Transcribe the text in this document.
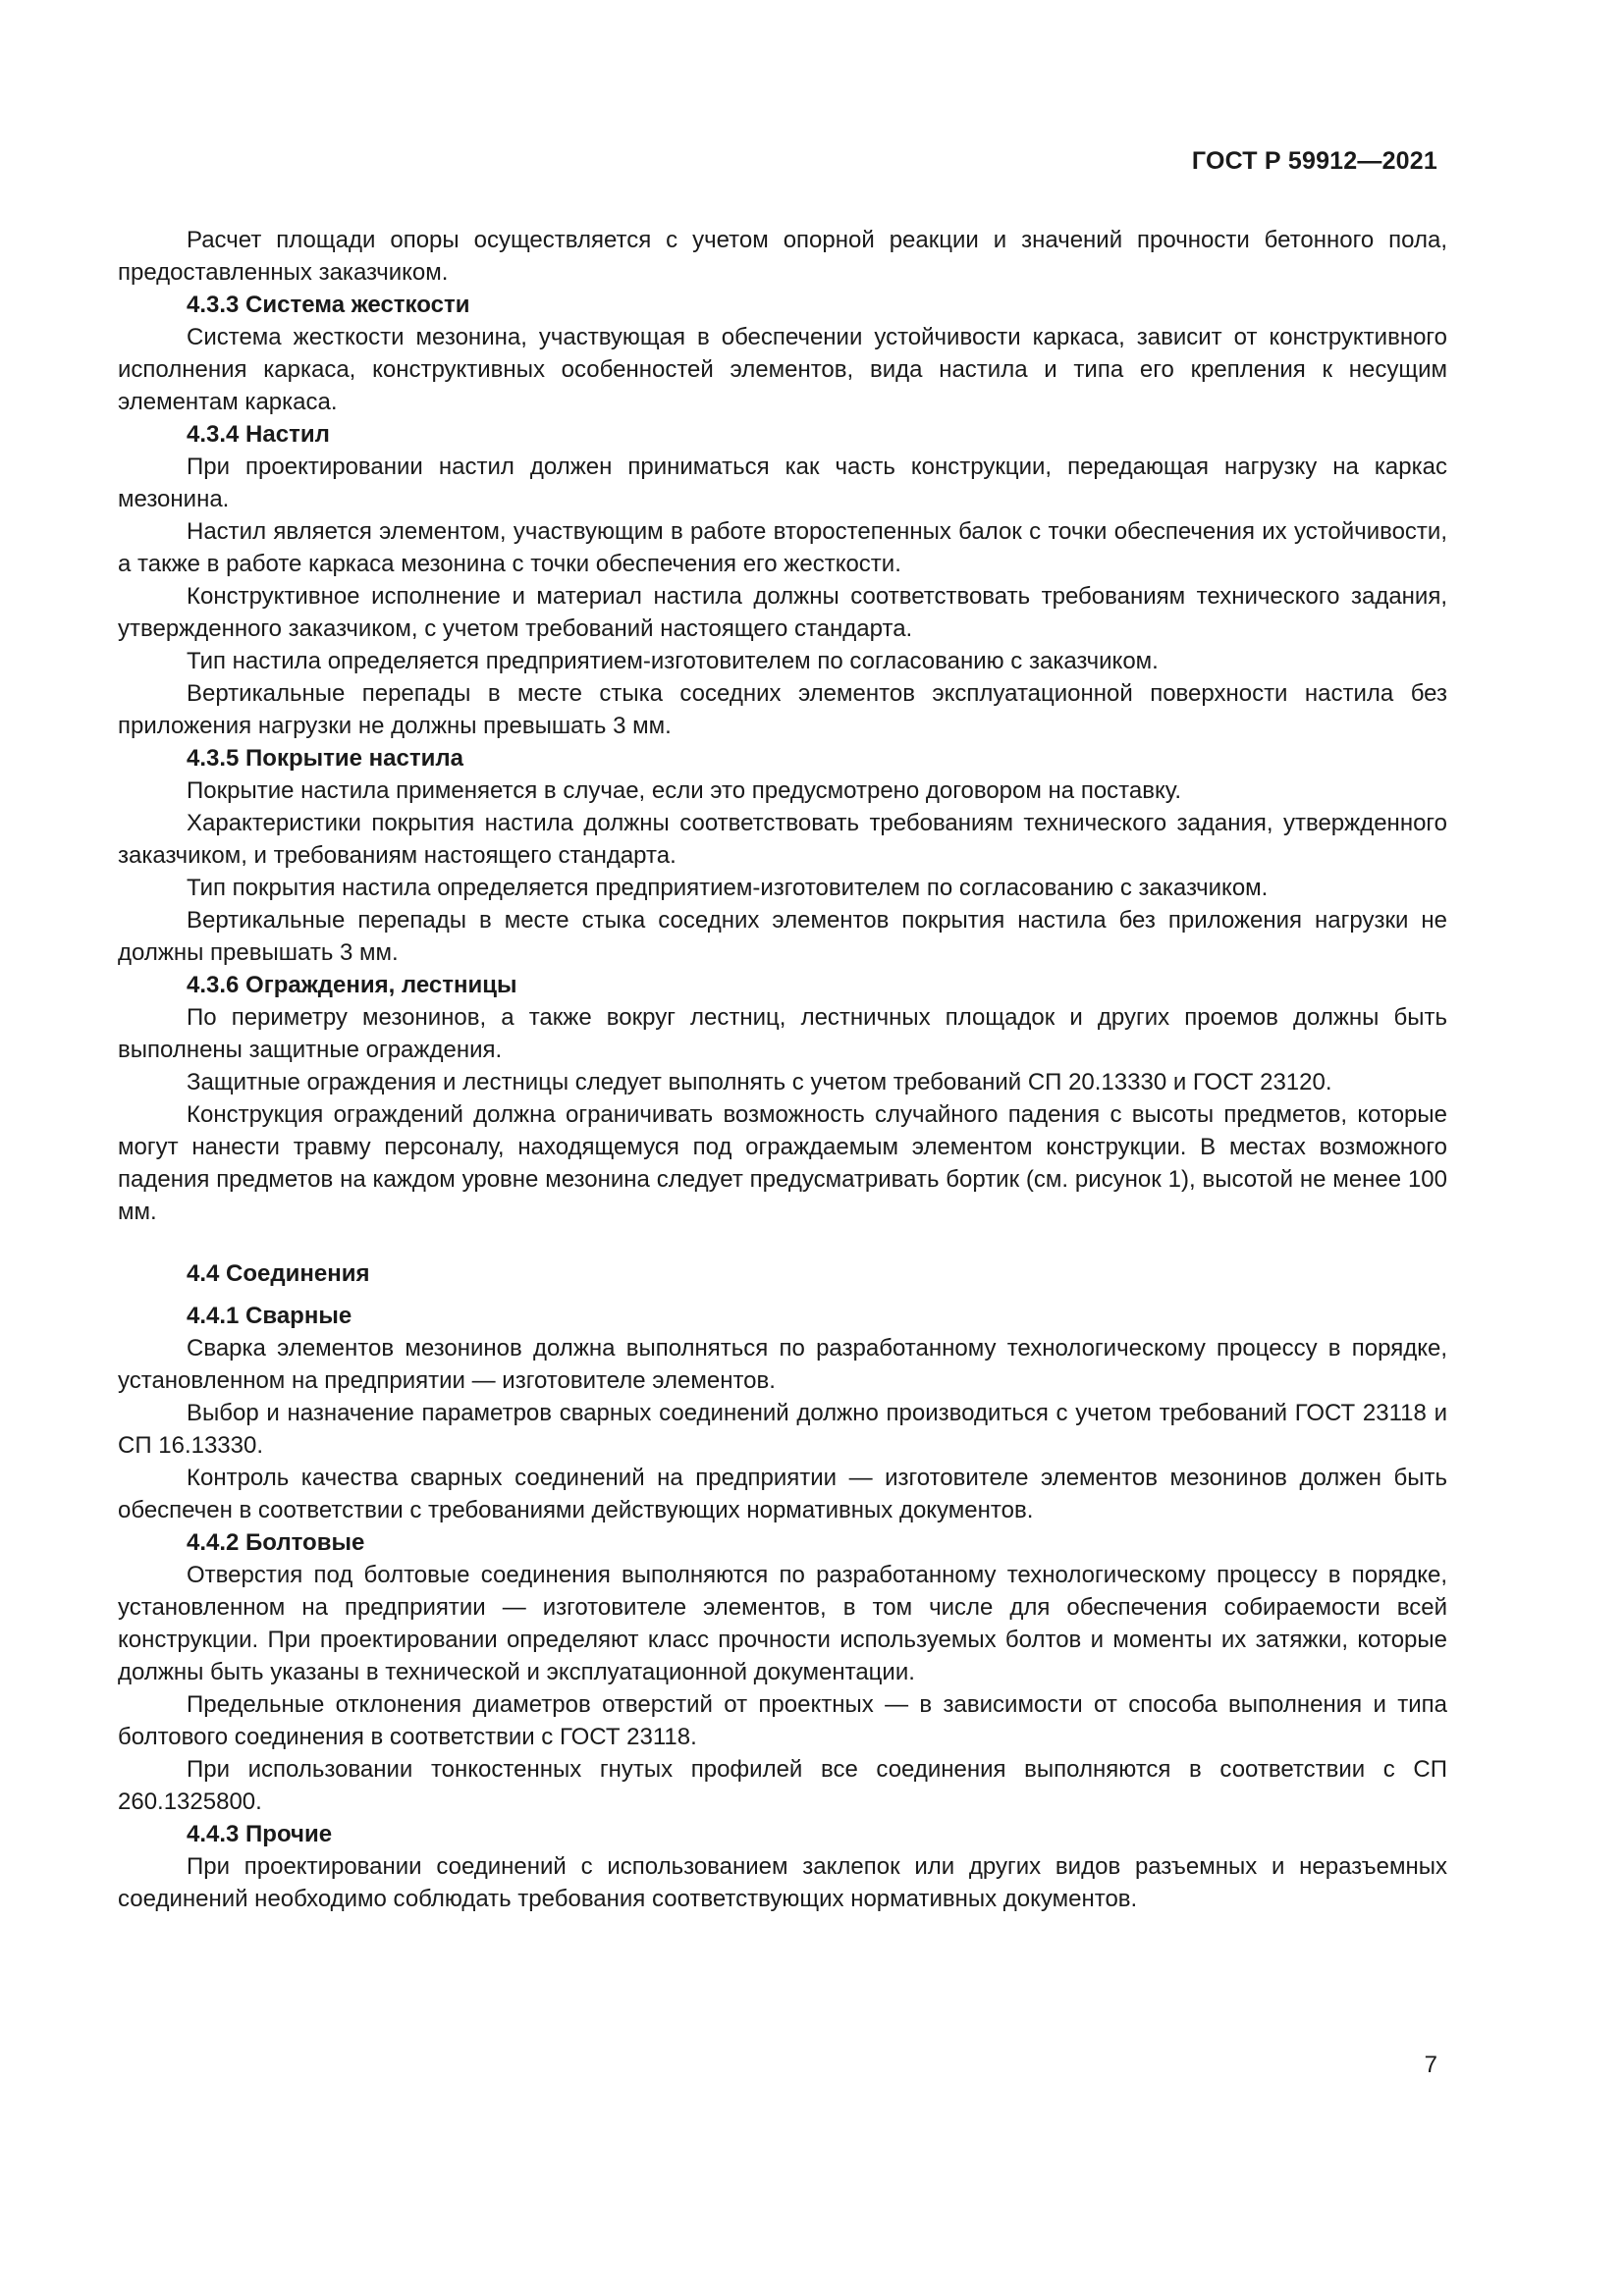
ГОСТ Р 59912—2021

Расчет площади опоры осуществляется с учетом опорной реакции и значений прочности бетонного пола, предоставленных заказчиком.

4.3.3 Система жесткости

Система жесткости мезонина, участвующая в обеспечении устойчивости каркаса, зависит от конструктивного исполнения каркаса, конструктивных особенностей элементов, вида настила и типа его крепления к несущим элементам каркаса.

4.3.4 Настил

При проектировании настил должен приниматься как часть конструкции, передающая нагрузку на каркас мезонина.

Настил является элементом, участвующим в работе второстепенных балок с точки обеспечения их устойчивости, а также в работе каркаса мезонина с точки обеспечения его жесткости.

Конструктивное исполнение и материал настила должны соответствовать требованиям технического задания, утвержденного заказчиком, с учетом требований настоящего стандарта.

Тип настила определяется предприятием-изготовителем по согласованию с заказчиком.

Вертикальные перепады в месте стыка соседних элементов эксплуатационной поверхности настила без приложения нагрузки не должны превышать 3 мм.

4.3.5 Покрытие настила

Покрытие настила применяется в случае, если это предусмотрено договором на поставку.

Характеристики покрытия настила должны соответствовать требованиям технического задания, утвержденного заказчиком, и требованиям настоящего стандарта.

Тип покрытия настила определяется предприятием-изготовителем по согласованию с заказчиком.

Вертикальные перепады в месте стыка соседних элементов покрытия настила без приложения нагрузки не должны превышать 3 мм.

4.3.6 Ограждения, лестницы

По периметру мезонинов, а также вокруг лестниц, лестничных площадок и других проемов должны быть выполнены защитные ограждения.

Защитные ограждения и лестницы следует выполнять с учетом требований СП 20.13330 и ГОСТ 23120.

Конструкция ограждений должна ограничивать возможность случайного падения с высоты предметов, которые могут нанести травму персоналу, находящемуся под ограждаемым элементом конструкции. В местах возможного падения предметов на каждом уровне мезонина следует предусматривать бортик (см. рисунок 1), высотой не менее 100 мм.

4.4 Соединения
4.4.1 Сварные

Сварка элементов мезонинов должна выполняться по разработанному технологическому процессу в порядке, установленном на предприятии — изготовителе элементов.

Выбор и назначение параметров сварных соединений должно производиться с учетом требований ГОСТ 23118 и СП 16.13330.

Контроль качества сварных соединений на предприятии — изготовителе элементов мезонинов должен быть обеспечен в соответствии с требованиями действующих нормативных документов.

4.4.2 Болтовые

Отверстия под болтовые соединения выполняются по разработанному технологическому процессу в порядке, установленном на предприятии — изготовителе элементов, в том числе для обеспечения собираемости всей конструкции. При проектировании определяют класс прочности используемых болтов и моменты их затяжки, которые должны быть указаны в технической и эксплуатационной документации.

Предельные отклонения диаметров отверстий от проектных — в зависимости от способа выполнения и типа болтового соединения в соответствии с ГОСТ 23118.

При использовании тонкостенных гнутых профилей все соединения выполняются в соответствии с СП 260.1325800.

4.4.3 Прочие

При проектировании соединений с использованием заклепок или других видов разъемных и неразъемных соединений необходимо соблюдать требования соответствующих нормативных документов.

7
